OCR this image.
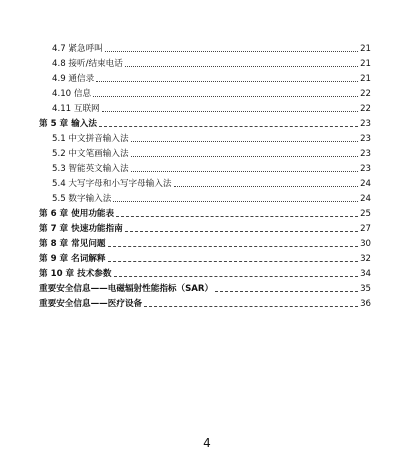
4.7 紧急呼叫	21
4.8 接听/结束电话	21
4.9 通信录	21
4.10 信息	22
4.11 互联网	22
第 5 章 输入法	23
5.1 中文拼音输入法	23
5.2 中文笔画输入法	23
5.3 智能英文输入法	23
5.4 大写字母和小写字母输入法	24
5.5 数字输入法	24
第 6 章 使用功能表	25
第 7 章 快速功能指南	27
第 8 章 常见问题	30
第 9 章 名词解释	32
第 10 章 技术参数	34
重要安全信息——电磁辐射性能指标（SAR）	35
重要安全信息——医疗设备	36
4
